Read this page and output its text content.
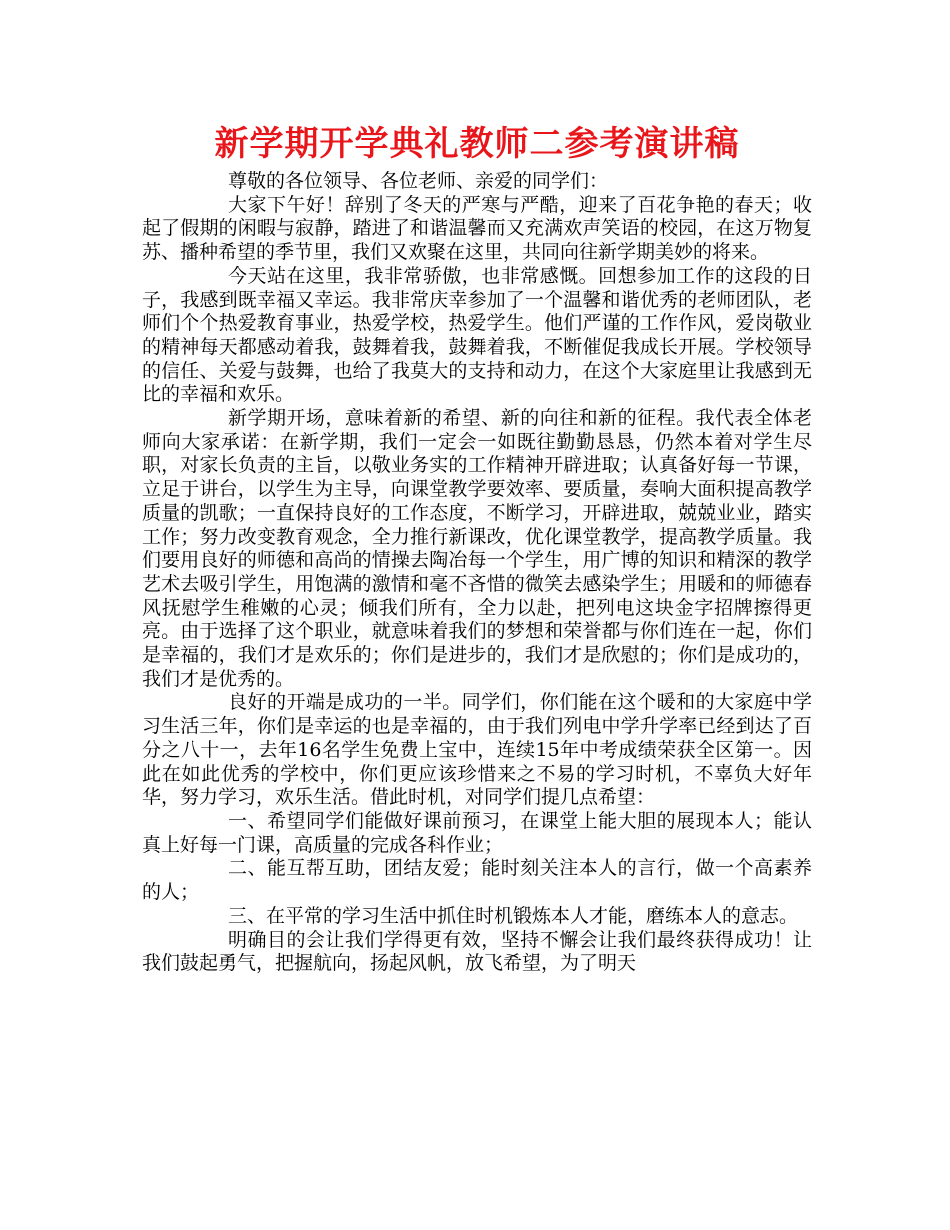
新学期开学典礼教师二参考演讲稿

尊敬的各位领导、各位老师、亲爱的同学们：

大家下午好！辞别了冬天的严寒与严酷，迎来了百花争艳的春天；收起了假期的闲暇与寂静，踏进了和谐温馨而又充满欢声笑语的校园，在这万物复苏、播种希望的季节里，我们又欢聚在这里，共同向往新学期美妙的将来。

今天站在这里，我非常骄傲，也非常感慨。回想参加工作的这段的日子，我感到既幸福又幸运。我非常庆幸参加了一个温馨和谐优秀的老师团队，老师们个个热爱教育事业，热爱学校，热爱学生。他们严谨的工作作风，爱岗敬业的精神每天都感动着我，鼓舞着我，鼓舞着我，不断催促我成长开展。学校领导的信任、关爱与鼓舞，也给了我莫大的支持和动力，在这个大家庭里让我感到无比的幸福和欢乐。

新学期开场，意味着新的希望、新的向往和新的征程。我代表全体老师向大家承诺：在新学期，我们一定会一如既往勤勤恳恳，仍然本着对学生尽职，对家长负责的主旨，以敬业务实的工作精神开辟进取；认真备好每一节课，立足于讲台，以学生为主导，向课堂教学要效率、要质量，奏响大面积提高教学质量的凯歌；一直保持良好的工作态度，不断学习，开辟进取，兢兢业业，踏实工作；努力改变教育观念，全力推行新课改，优化课堂教学，提高教学质量。我们要用良好的师德和高尚的情操去陶冶每一个学生，用广博的知识和精深的教学艺术去吸引学生，用饱满的激情和毫不吝惜的微笑去感染学生；用暖和的师德春风抚慰学生稚嫩的心灵；倾我们所有，全力以赴，把列电这块金字招牌擦得更亮。由于选择了这个职业，就意味着我们的梦想和荣誉都与你们连在一起，你们是幸福的，我们才是欢乐的；你们是进步的，我们才是欣慰的；你们是成功的，我们才是优秀的。

良好的开端是成功的一半。同学们，你们能在这个暖和的大家庭中学习生活三年，你们是幸运的也是幸福的，由于我们列电中学升学率已经到达了百分之八十一，去年16名学生免费上宝中，连续15年中考成绩荣获全区第一。因此在如此优秀的学校中，你们更应该珍惜来之不易的学习时机，不辜负大好年华，努力学习，欢乐生活。借此时机，对同学们提几点希望：

一、希望同学们能做好课前预习，在课堂上能大胆的展现本人；能认真上好每一门课，高质量的完成各科作业；

二、能互帮互助，团结友爱；能时刻关注本人的言行，做一个高素养的人；

三、在平常的学习生活中抓住时机锻炼本人才能，磨练本人的意志。

明确目的会让我们学得更有效，坚持不懈会让我们最终获得成功！让我们鼓起勇气，把握航向，扬起风帆，放飞希望，为了明天
